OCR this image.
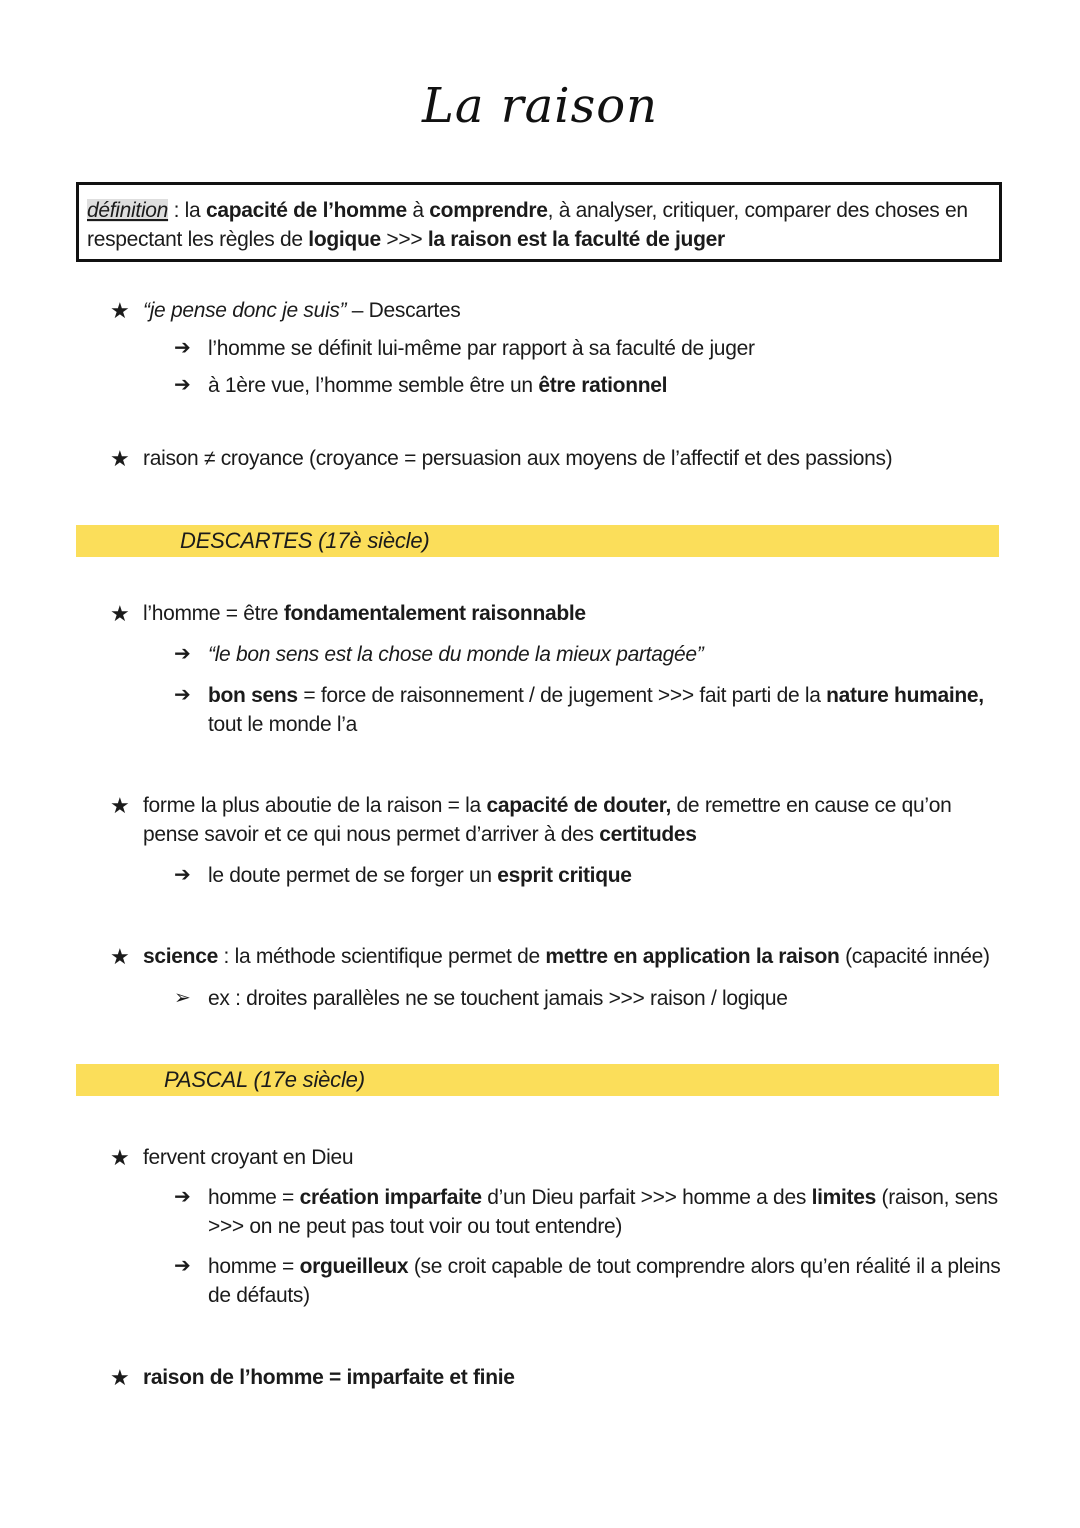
La raison
définition : la capacité de l’homme à comprendre, à analyser, critiquer, comparer des choses en respectant les règles de logique >>> la raison est la faculté de juger
★ “je pense donc je suis” – Descartes
➔ l’homme se définit lui-même par rapport à sa faculté de juger
➔ à 1ère vue, l’homme semble être un être rationnel
★ raison ≠ croyance (croyance = persuasion aux moyens de l’affectif et des passions)
DESCARTES (17è siècle)
★ l’homme = être fondamentalement raisonnable
➔ “le bon sens est la chose du monde la mieux partagée”
➔ bon sens = force de raisonnement / de jugement >>> fait parti de la nature humaine, tout le monde l’a
★ forme la plus aboutie de la raison = la capacité de douter, de remettre en cause ce qu’on pense savoir et ce qui nous permet d’arriver à des certitudes
➔ le doute permet de se forger un esprit critique
★ science : la méthode scientifique permet de mettre en application la raison (capacité innée)
➢ ex : droites parallèles ne se touchent jamais >>> raison / logique
PASCAL (17e siècle)
★ fervent croyant en Dieu
➔ homme = création imparfaite d’un Dieu parfait >>> homme a des limites (raison, sens >>> on ne peut pas tout voir ou tout entendre)
➔ homme = orgueilleux (se croit capable de tout comprendre alors qu’en réalité il a pleins de défauts)
★ raison de l’homme = imparfaite et finie
